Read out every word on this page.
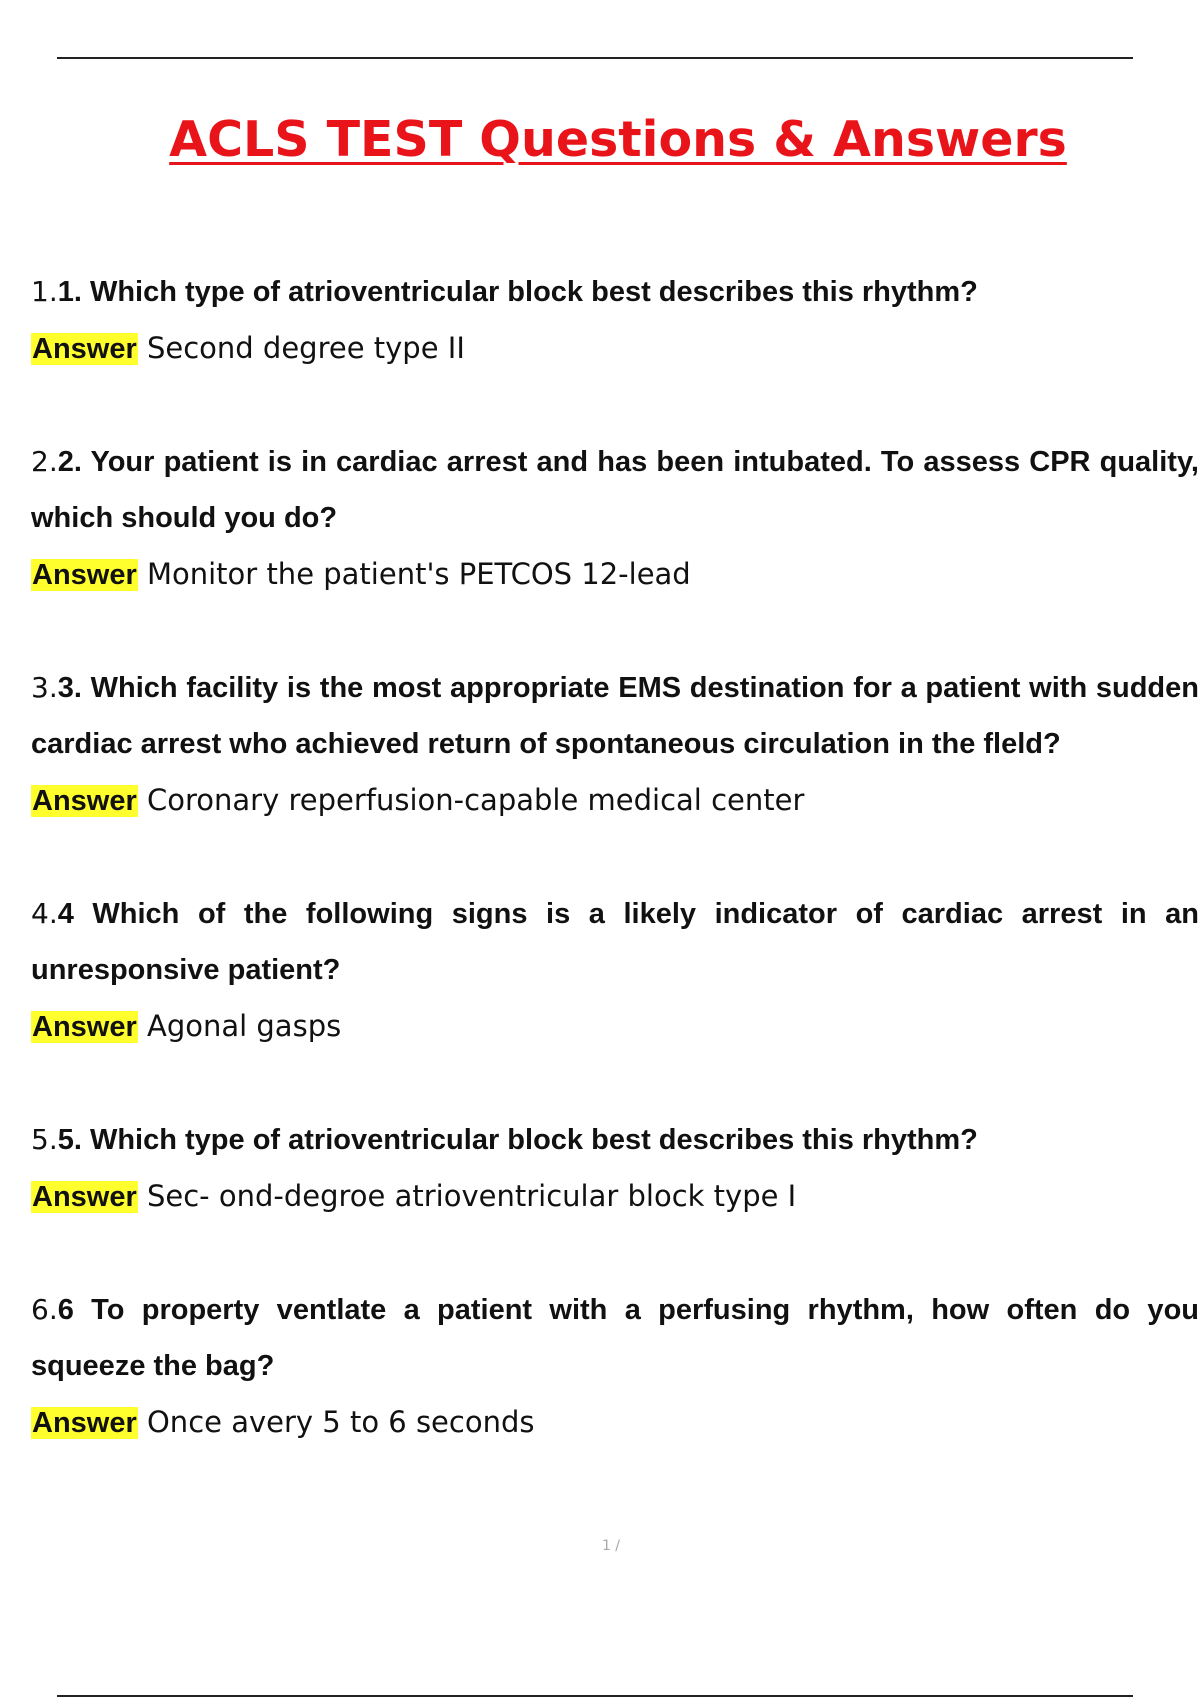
ACLS TEST Questions & Answers

1.1. Which type of atrioventricular block best describes this rhythm?

Answer Second degree type II

2.2. Your patient is in cardiac arrest and has been intubated. To assess CPR quality, which should you do?

Answer Monitor the patient's PETCOS 12-lead

3.3. Which facility is the most appropriate EMS destination for a patient with sudden cardiac arrest who achieved return of spontaneous circulation in the fleld?

Answer Coronary reperfusion-capable medical center

4.4 Which of the following signs is a likely indicator of cardiac arrest in an unresponsive patient?

Answer Agonal gasps

5.5. Which type of atrioventricular block best describes this rhythm?

Answer Sec- ond-degroe atrioventricular block type I

6.6 To property ventlate a patient with a perfusing rhythm, how often do you squeeze the bag?

Answer Once avery 5 to 6 seconds

1 /
